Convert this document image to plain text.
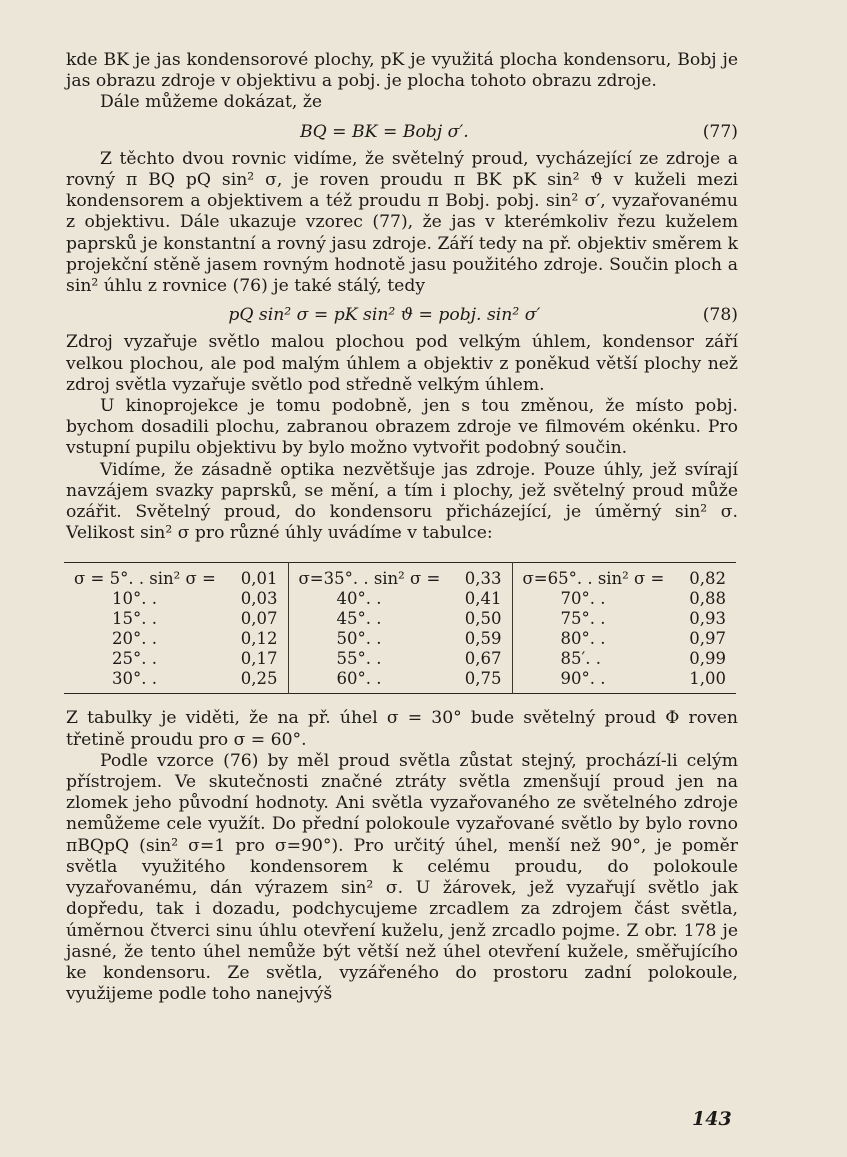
kde BK je jas kondensorové plochy, pK je využitá plocha kondensoru, Bobj je jas obrazu zdroje v objektivu a pobj. je plocha tohoto obrazu zdroje.

Dále můžeme dokázat, že

BQ = BK = Bobj σ′.	(77)

Z těchto dvou rovnic vidíme, že světelný proud, vycházející ze zdroje a rovný π BQ pQ sin² σ, je roven proudu π BK pK sin² ϑ v kuželi mezi kondensorem a objektivem a též proudu π Bobj. pobj. sin² σ′, vyzařovanému z objektivu. Dále ukazuje vzorec (77), že jas v kterémkoliv řezu kuželem paprsků je konstantní a rovný jasu zdroje. Září tedy na př. objektiv směrem k projekční stěně jasem rovným hodnotě jasu použitého zdroje. Součin ploch a sin² úhlu z rovnice (76) je také stálý, tedy

pQ sin² σ = pK sin² ϑ = pobj. sin² σ′	(78)

Zdroj vyzařuje světlo malou plochou pod velkým úhlem, kondensor září velkou plochou, ale pod malým úhlem a objektiv z poněkud větší plochy než zdroj světla vyzařuje světlo pod středně velkým úhlem.

U kinoprojekce je tomu podobně, jen s tou změnou, že místo pobj. bychom dosadili plochu, zabranou obrazem zdroje ve filmovém okénku. Pro vstupní pupilu objektivu by bylo možno vytvořit podobný součin.

Vidíme, že zásadně optika nezvětšuje jas zdroje. Pouze úhly, jež svírají navzájem svazky paprsků, se mění, a tím i plochy, jež světelný proud může ozářit. Světelný proud, do kondensoru přicházející, je úměrný sin² σ. Velikost sin² σ pro různé úhly uvádíme v tabulce:

σ = 5°. . sin² σ = 0,01
10°. .	0,03
15°. .	0,07
20°. .	0,12
25°. .	0,17
30°. .	0,25

σ=35°. . sin² σ = 0,33
40°. .	0,41
45°. .	0,50
50°. .	0,59
55°. .	0,67
60°. .	0,75

σ=65°. . sin² σ = 0,82
70°. .	0,88
75°. .	0,93
80°. .	0,97
85′. .	0,99
90°. .	1,00

Z tabulky je viděti, že na př. úhel σ = 30° bude světelný proud Φ roven třetině proudu pro σ = 60°.

Podle vzorce (76) by měl proud světla zůstat stejný, prochází-li celým přístrojem. Ve skutečnosti značné ztráty světla zmenšují proud jen na zlomek jeho původní hodnoty. Ani světla vyzařovaného ze světelného zdroje nemůžeme cele využít. Do přední polokoule vyzařované světlo by bylo rovno πBQpQ (sin² σ=1 pro σ=90°). Pro určitý úhel, menší než 90°, je poměr světla využitého kondensorem k celému proudu, do polokoule vyzařovanému, dán výrazem sin² σ. U žárovek, jež vyzařují světlo jak dopředu, tak i dozadu, podchycujeme zrcadlem za zdrojem část světla, úměrnou čtverci sinu úhlu otevření kuželu, jenž zrcadlo pojme. Z obr. 178 je jasné, že tento úhel nemůže být větší než úhel otevření kužele, směřujícího ke kondensoru. Ze světla, vyzářeného do prostoru zadní polokoule, využijeme podle toho nanejvýš

143
